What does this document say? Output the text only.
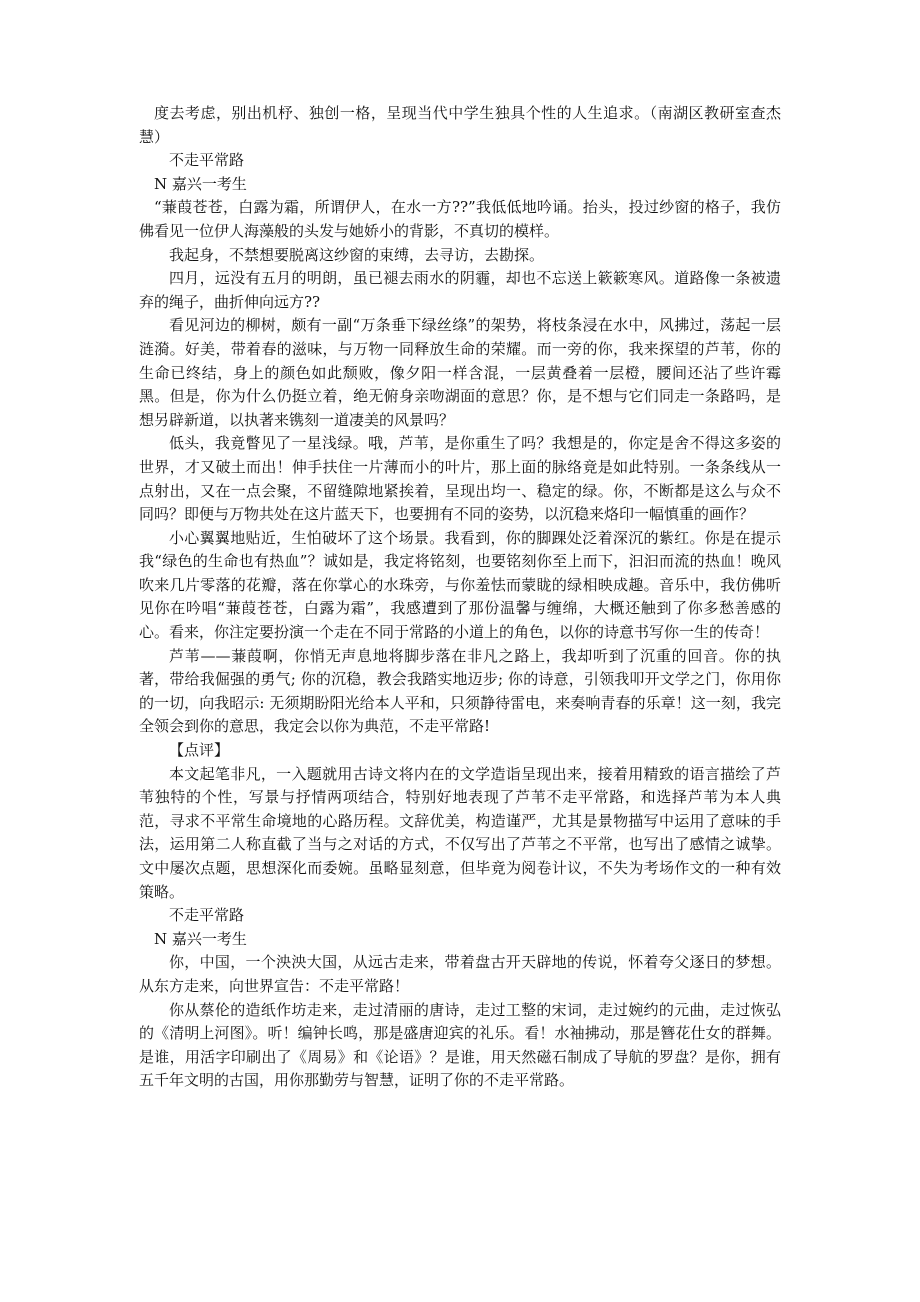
度去考虑，别出机杼、独创一格，呈现当代中学生独具个性的人生追求。（南湖区教研室查杰慧）

不走平常路

N 嘉兴一考生

“蒹葭苍苍，白露为霜，所谓伊人，在水一方??”我低低地吟诵。抬头，投过纱窗的格子，我仿佛看见一位伊人海藻般的头发与她娇小的背影，不真切的模样。

我起身，不禁想要脱离这纱窗的束缚，去寻访，去勘探。

四月，远没有五月的明朗，虽已褪去雨水的阴霾，却也不忘送上簌簌寒风。道路像一条被遗弃的绳子，曲折伸向远方??

看见河边的柳树，颇有一副“万条垂下绿丝绦”的架势，将枝条浸在水中，风拂过，荡起一层涟漪。好美，带着春的滋味，与万物一同释放生命的荣耀。而一旁的你，我来探望的芦苇，你的生命已终结，身上的颜色如此颓败，像夕阳一样含混，一层黄叠着一层橙，腰间还沾了些许霉黑。但是，你为什么仍挺立着，绝无俯身亲吻湖面的意思？你，是不想与它们同走一条路吗，是想另辟新道，以执著来镌刻一道凄美的风景吗？

低头，我竟瞥见了一星浅绿。哦，芦苇，是你重生了吗？我想是的，你定是舍不得这多姿的世界，才又破土而出！伸手扶住一片薄而小的叶片，那上面的脉络竟是如此特别。一条条线从一点射出，又在一点会聚，不留缝隙地紧挨着，呈现出均一、稳定的绿。你，不断都是这么与众不同吗？即便与万物共处在这片蓝天下，也要拥有不同的姿势，以沉稳来烙印一幅慎重的画作？

小心翼翼地贴近，生怕破坏了这个场景。我看到，你的脚踝处泛着深沉的紫红。你是在提示我“绿色的生命也有热血”？诚如是，我定将铭刻，也要铭刻你至上而下，汩汩而流的热血！晚风吹来几片零落的花瓣，落在你掌心的水珠旁，与你羞怯而蒙眬的绿相映成趣。音乐中，我仿佛听见你在吟唱“蒹葭苍苍，白露为霜”，我感遭到了那份温馨与缠绵，大概还触到了你多愁善感的心。看来，你注定要扮演一个走在不同于常路的小道上的角色，以你的诗意书写你一生的传奇！

芦苇——蒹葭啊，你悄无声息地将脚步落在非凡之路上，我却听到了沉重的回音。你的执著，带给我倔强的勇气; 你的沉稳，教会我踏实地迈步; 你的诗意，引领我叩开文学之门，你用你的一切，向我昭示: 无须期盼阳光给本人平和，只须静待雷电，来奏响青春的乐章！这一刻，我完全领会到你的意思，我定会以你为典范，不走平常路!

【点评】

本文起笔非凡，一入题就用古诗文将内在的文学造诣呈现出来，接着用精致的语言描绘了芦苇独特的个性，写景与抒情两项结合，特别好地表现了芦苇不走平常路，和选择芦苇为本人典范，寻求不平常生命境地的心路历程。文辞优美，构造谨严，尤其是景物描写中运用了意味的手法，运用第二人称直截了当与之对话的方式，不仅写出了芦苇之不平常，也写出了感情之诚挚。文中屡次点题，思想深化而委婉。虽略显刻意，但毕竟为阅卷计议，不失为考场作文的一种有效策略。

不走平常路

N 嘉兴一考生

你，中国，一个泱泱大国，从远古走来，带着盘古开天辟地的传说，怀着夸父逐日的梦想。从东方走来，向世界宣告：不走平常路！

你从蔡伦的造纸作坊走来，走过清丽的唐诗，走过工整的宋词，走过婉约的元曲，走过恢弘的《清明上河图》。听！编钟长鸣，那是盛唐迎宾的礼乐。看！水袖拂动，那是簪花仕女的群舞。是谁，用活字印刷出了《周易》和《论语》？是谁，用天然磁石制成了导航的罗盘？是你，拥有五千年文明的古国，用你那勤劳与智慧，证明了你的不走平常路。
